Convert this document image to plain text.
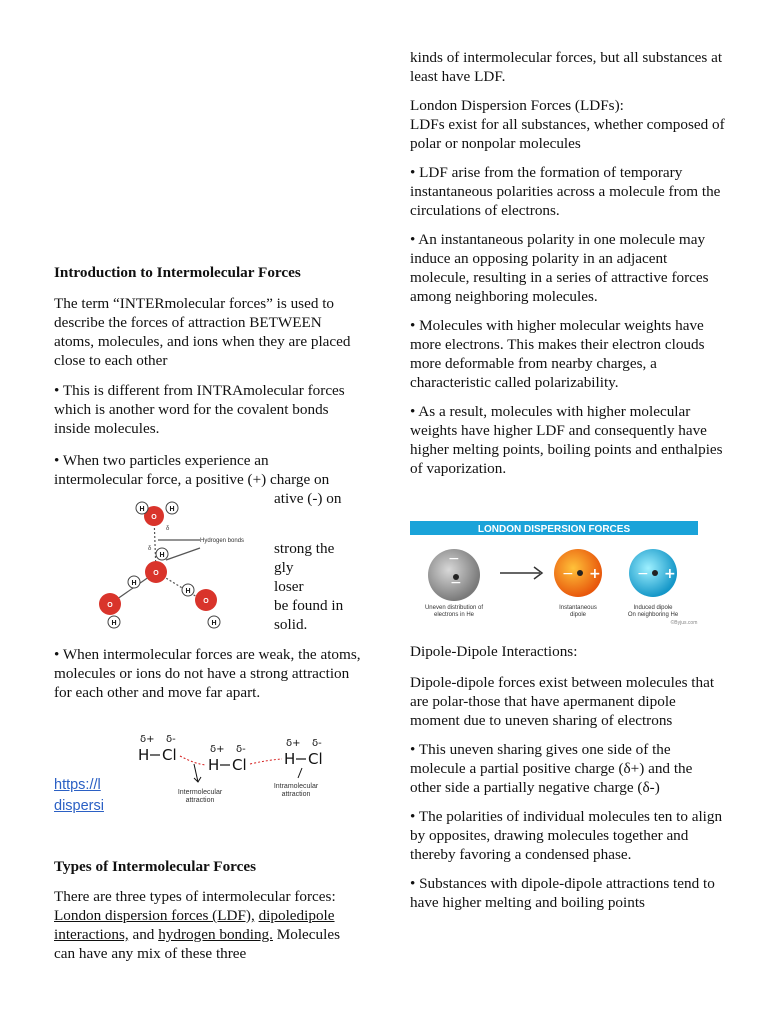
Introduction to Intermolecular Forces

The term “INTERmolecular forces” is used to describe the forces of attraction BETWEEN atoms, molecules, and ions when they are placed close to each other

• This is different from INTRAmolecular forces which is another word for the covalent bonds inside molecules.

• When two particles experience an

intermolecular force, a positive (+) charge on

ative (-) on

strong the

gly

loser

be found in

solid.

• When intermolecular forces are weak, the atoms, molecules or ions do not have a strong attraction for each other and move far apart.

https://l
dispersi

Types of Intermolecular Forces

There are three types of intermolecular forces: London dispersion forces (LDF), dipoledipole interactions, and hydrogen bonding. Molecules can have any mix of these three

O
H	H
O
H
H
O
H
O
H
H
Hydrogen bonds
δ
δ
δ+ δ-
H Cl	δ+ δ-
H Cl
δ+ δ-
H Cl
Intermolecular
attraction
Intramolecular
attraction

kinds of intermolecular forces, but all substances at least have LDF.

London Dispersion Forces (LDFs):

LDFs exist for all substances, whether composed of polar or nonpolar molecules

• LDF arise from the formation of temporary instantaneous polarities across a molecule from the circulations of electrons.

• An instantaneous polarity in one molecule may induce an opposing polarity in an adjacent molecule, resulting in a series of attractive forces among neighboring molecules.

• Molecules with higher molecular weights have more electrons. This makes their electron clouds more deformable from nearby charges, a characteristic called polarizability.

• As a result, molecules with higher molecular weights have higher LDF and consequently have higher melting points, boiling points and enthalpies of vaporization.

LONDON DISPERSION FORCES
−
−
− +	− +
Uneven distribution of
electrons in He
Instantaneous
dipole
Induced dipole
On neighboring He
©Byjus.com

Dipole-Dipole Interactions:

Dipole-dipole forces exist between molecules that are polar-those that have apermanent dipole moment due to uneven sharing of electrons

• This uneven sharing gives one side of the molecule a partial positive charge (δ+) and the other side a partially negative charge (δ-)

• The polarities of individual molecules ten to align by opposites, drawing molecules together and thereby favoring a condensed phase.

• Substances with dipole-dipole attractions tend to have higher melting and boiling points
